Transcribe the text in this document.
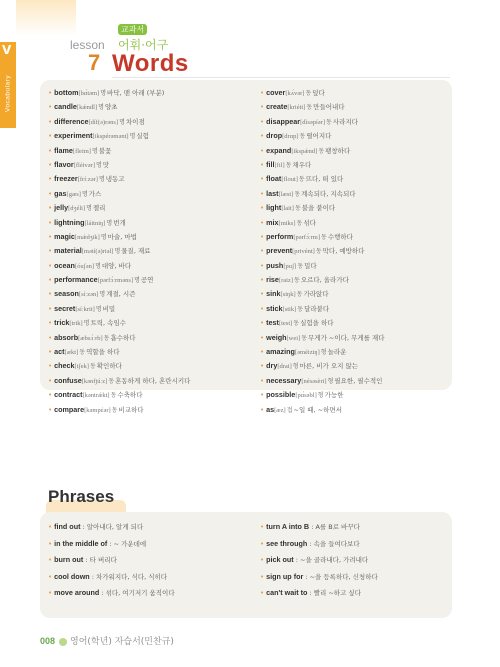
V
Vocabulary
lesson
7
교과서
어휘·어구
Words
• bottom[bɑ́təm]명바닥, 맨 아래 (부분)
• candle[kǽndl]명양초
• difference[díf(ə)rəns]명차이점
• experiment[ikspérəmənt]명실험
• flame[fleim]명불꽃
• flavor[fléivər]명맛
• freezer[fríːzər]명냉동고
• gas[gæs]명가스
• jelly[dʒéli]명젤리
• lightning[láitniŋ]명번개
• magic[mǽdʒik]명마술, 마법
• material[mətí(ə)riəl]명물질, 재료
• ocean[óuʃən]명대양, 바다
• performance[pərfɔ́ːrməns]명공연
• season[síːzən]명계절, 시즌
• secret[síːkrit]명비밀
• trick[trik]명트릭, 속임수
• absorb[æbsɔ́ːrb]동흡수하다
• act[ækt]동역할을 하다
• check[tʃek]동확인하다
• confuse[kənfjúːz]동혼동하게 하다, 혼란시키다
• contract[kəntrǽkt]동수축하다
• compare[kəmpέər]동비교하다
• cover[kʌ́vər]동덮다
• create[kriéit]동만들어내다
• disappear[dìsəpíər]동사라지다
• drop[drɑp]동떨어지다
• expand[ikspǽnd]동팽창하다
• fill[fil]동채우다
• float[flout]동뜨다, 떠 있다
• last[læst]동계속되다, 지속되다
• light[lait]동불을 붙이다
• mix[miks]동섞다
• perform[pərfɔ́ːrm]동수행하다
• prevent[privént]동막다, 예방하다
• push[puʃ]동밀다
• rise[raiz]동오르다, 올라가다
• sink[siŋk]동가라앉다
• stick[stik]동달라붙다
• test[test]동실험을 하다
• weigh[wei]동무게가 ~이다, 무게를 재다
• amazing[əméiziŋ]형놀라운
• dry[drai]형마른, 비가 오지 않는
• necessary[nésəsèri]형필요한, 필수적인
• possible[pɑ́səbl]형가능한
• as[æz]접~일 때, ~하면서
Phrases
• find out : 알아내다, 알게 되다
• in the middle of : ~ 가운데에
• burn out : 타 버리다
• cool down : 차가워지다, 식다, 식히다
• move around : 섞다, 여기저기 움직이다
• turn A into B : A를 B로 바꾸다
• see through : 속을 들여다보다
• pick out : ~을 골라내다, 가려내다
• sign up for : ~을 등록하다, 신청하다
• can't wait to : 빨리 ~하고 싶다
008 영어(학년) 자습서(민찬규)
